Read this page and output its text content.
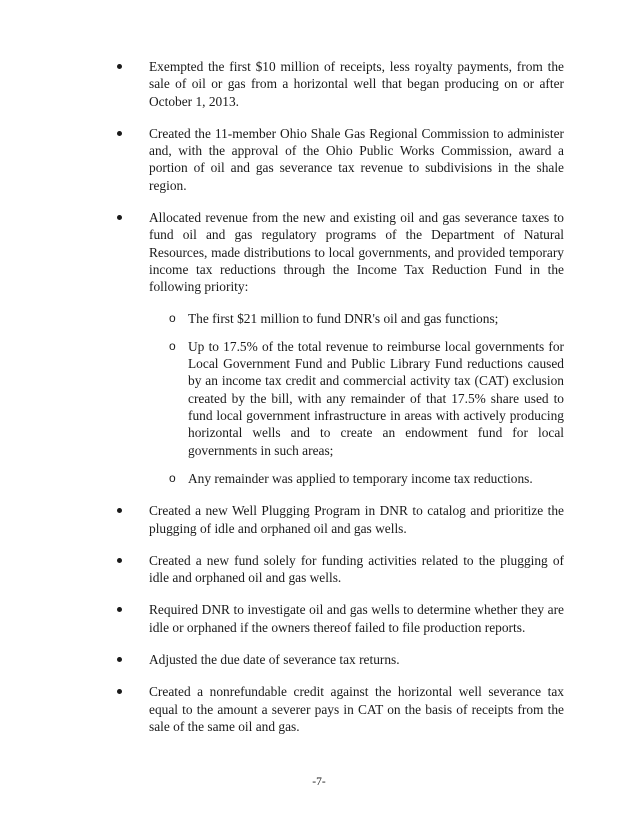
Exempted the first $10 million of receipts, less royalty payments, from the sale of oil or gas from a horizontal well that began producing on or after October 1, 2013.
Created the 11-member Ohio Shale Gas Regional Commission to administer and, with the approval of the Ohio Public Works Commission, award a portion of oil and gas severance tax revenue to subdivisions in the shale region.
Allocated revenue from the new and existing oil and gas severance taxes to fund oil and gas regulatory programs of the Department of Natural Resources, made distributions to local governments, and provided temporary income tax reductions through the Income Tax Reduction Fund in the following priority:
o The first $21 million to fund DNR's oil and gas functions;
o Up to 17.5% of the total revenue to reimburse local governments for Local Government Fund and Public Library Fund reductions caused by an income tax credit and commercial activity tax (CAT) exclusion created by the bill, with any remainder of that 17.5% share used to fund local government infrastructure in areas with actively producing horizontal wells and to create an endowment fund for local governments in such areas;
o Any remainder was applied to temporary income tax reductions.
Created a new Well Plugging Program in DNR to catalog and prioritize the plugging of idle and orphaned oil and gas wells.
Created a new fund solely for funding activities related to the plugging of idle and orphaned oil and gas wells.
Required DNR to investigate oil and gas wells to determine whether they are idle or orphaned if the owners thereof failed to file production reports.
Adjusted the due date of severance tax returns.
Created a nonrefundable credit against the horizontal well severance tax equal to the amount a severer pays in CAT on the basis of receipts from the sale of the same oil and gas.
-7-
